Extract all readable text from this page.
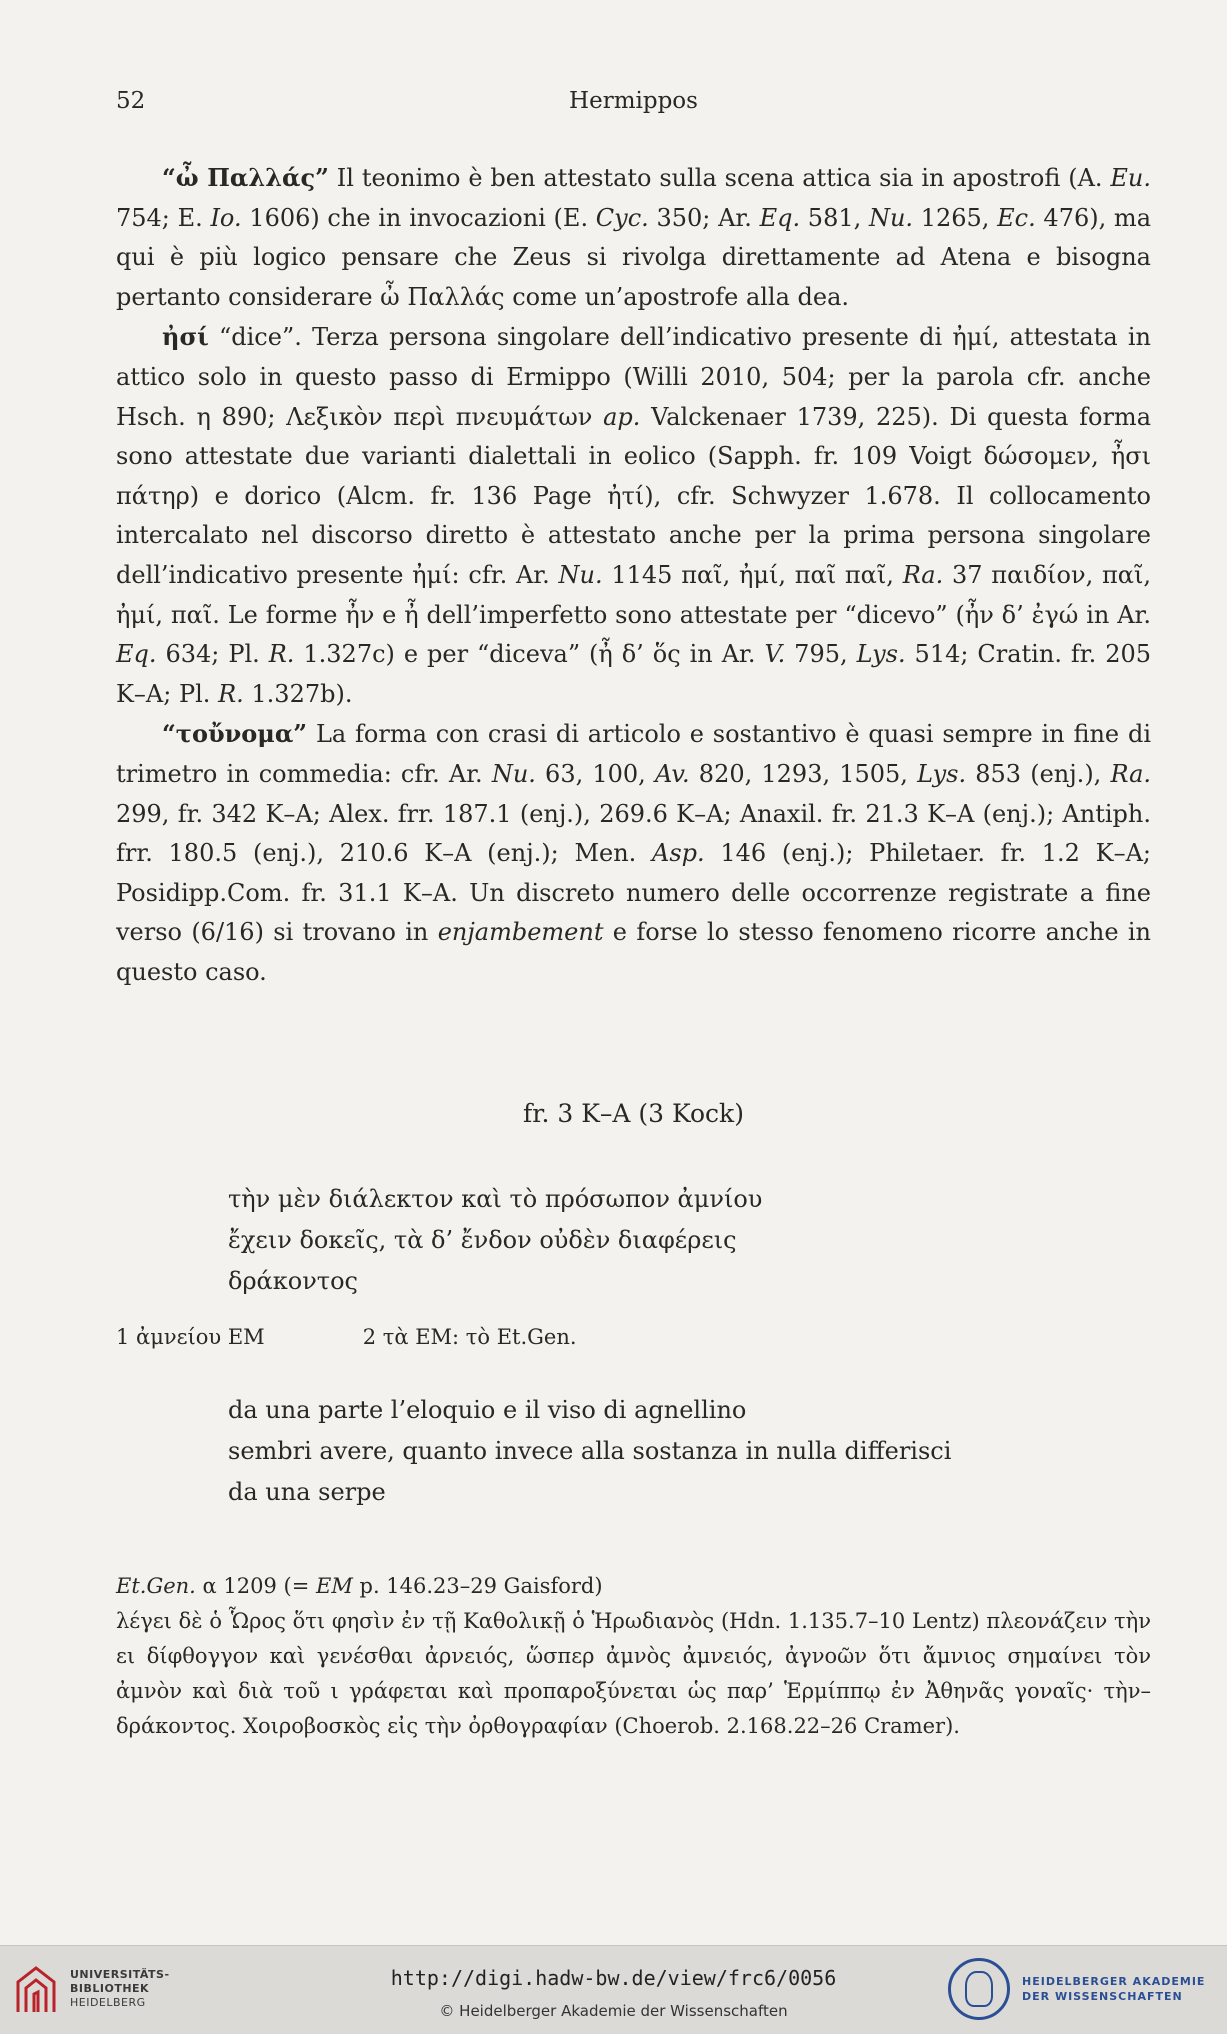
52	Hermippos

“ὦ Παλλάς” Il teonimo è ben attestato sulla scena attica sia in apostrofi (A. Eu. 754; E. Io. 1606) che in invocazioni (E. Cyc. 350; Ar. Eq. 581, Nu. 1265, Ec. 476), ma qui è più logico pensare che Zeus si rivolga direttamente ad Atena e bisogna pertanto considerare ὦ Παλλάς come un’apostrofe alla dea.

ἠσί “dice”. Terza persona singolare dell’indicativo presente di ἠμί, attestata in attico solo in questo passo di Ermippo (Willi 2010, 504; per la parola cfr. anche Hsch. η 890; Λεξικὸν περὶ πνευμάτων ap. Valckenaer 1739, 225). Di questa forma sono attestate due varianti dialettali in eolico (Sapph. fr. 109 Voigt δώσομεν, ἦσι πάτηρ) e dorico (Alcm. fr. 136 Page ἠτί), cfr. Schwyzer 1.678. Il collocamento intercalato nel discorso diretto è attestato anche per la prima persona singolare dell’indicativo presente ἠμί: cfr. Ar. Nu. 1145 παῖ, ἠμί, παῖ παῖ, Ra. 37 παιδίον, παῖ, ἠμί, παῖ. Le forme ἦν e ἦ dell’imperfetto sono attestate per “dicevo” (ἦν δ’ ἐγώ in Ar. Eq. 634; Pl. R. 1.327c) e per “diceva” (ἦ δ’ ὅς in Ar. V. 795, Lys. 514; Cratin. fr. 205 K–A; Pl. R. 1.327b).

“τοὔνομα” La forma con crasi di articolo e sostantivo è quasi sempre in fine di trimetro in commedia: cfr. Ar. Nu. 63, 100, Av. 820, 1293, 1505, Lys. 853 (enj.), Ra. 299, fr. 342 K–A; Alex. frr. 187.1 (enj.), 269.6 K–A; Anaxil. fr. 21.3 K–A (enj.); Antiph. frr. 180.5 (enj.), 210.6 K–A (enj.); Men. Asp. 146 (enj.); Philetaer. fr. 1.2 K–A; Posidipp.Com. fr. 31.1 K–A. Un discreto numero delle occorrenze registrate a fine verso (6/16) si trovano in enjambement e forse lo stesso fenomeno ricorre anche in questo caso.

fr. 3 K–A (3 Kock)
τὴν μὲν διάλεκτον καὶ τὸ πρόσωπον ἀμνίου
ἔχειν δοκεῖς, τὰ δ’ ἔνδον οὐδὲν διαφέρεις
δράκοντος
1 ἀμνείου EM	2 τὰ EM: τὸ Et.Gen.
da una parte l’eloquio e il viso di agnellino
sembri avere, quanto invece alla sostanza in nulla differisci
da una serpe
Et.Gen. α 1209 (= EM p. 146.23–29 Gaisford)
λέγει δὲ ὁ Ὧρος ὅτι φησὶν ἐν τῇ Καθολικῇ ὁ Ἡρωδιανὸς (Hdn. 1.135.7–10 Lentz) πλεονάζειν τὴν ει δίφθογγον καὶ γενέσθαι ἀρνειός, ὥσπερ ἀμνὸς ἀμνειός, ἀγνοῶν ὅτι ἄμνιος σημαίνει τὸν ἀμνὸν καὶ διὰ τοῦ ι γράφεται καὶ προπαροξύνεται ὡς παρ’ Ἑρμίππῳ ἐν Ἀθηνᾶς γοναῖς· τὴν–δράκοντος. Χοιροβοσκὸς εἰς τὴν ὀρθογραφίαν (Choerob. 2.168.22–26 Cramer).
UNIVERSITÄTS-
BIBLIOTHEK
HEIDELBERG
http://digi.hadw-bw.de/view/frc6/0056
© Heidelberger Akademie der Wissenschaften
HEIDELBERGER AKADEMIE
DER WISSENSCHAFTEN
